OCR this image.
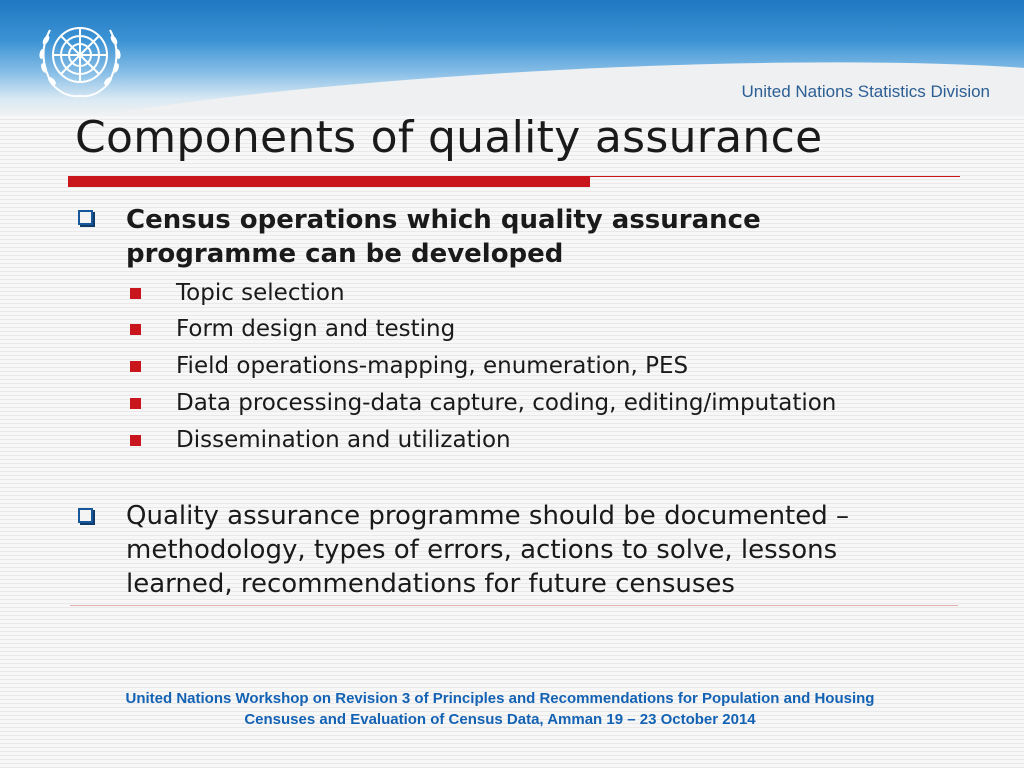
United Nations Statistics Division
Components of quality assurance

Census operations which quality assurance programme can be developed

Topic selection
Form design and testing
Field operations-mapping, enumeration, PES
Data processing-data capture, coding, editing/imputation
Dissemination and utilization

Quality assurance programme should be documented – methodology, types of errors, actions to solve, lessons learned, recommendations for future censuses

United Nations Workshop on Revision 3 of Principles and Recommendations for Population and Housing
Censuses and Evaluation of Census Data, Amman 19 – 23 October 2014
